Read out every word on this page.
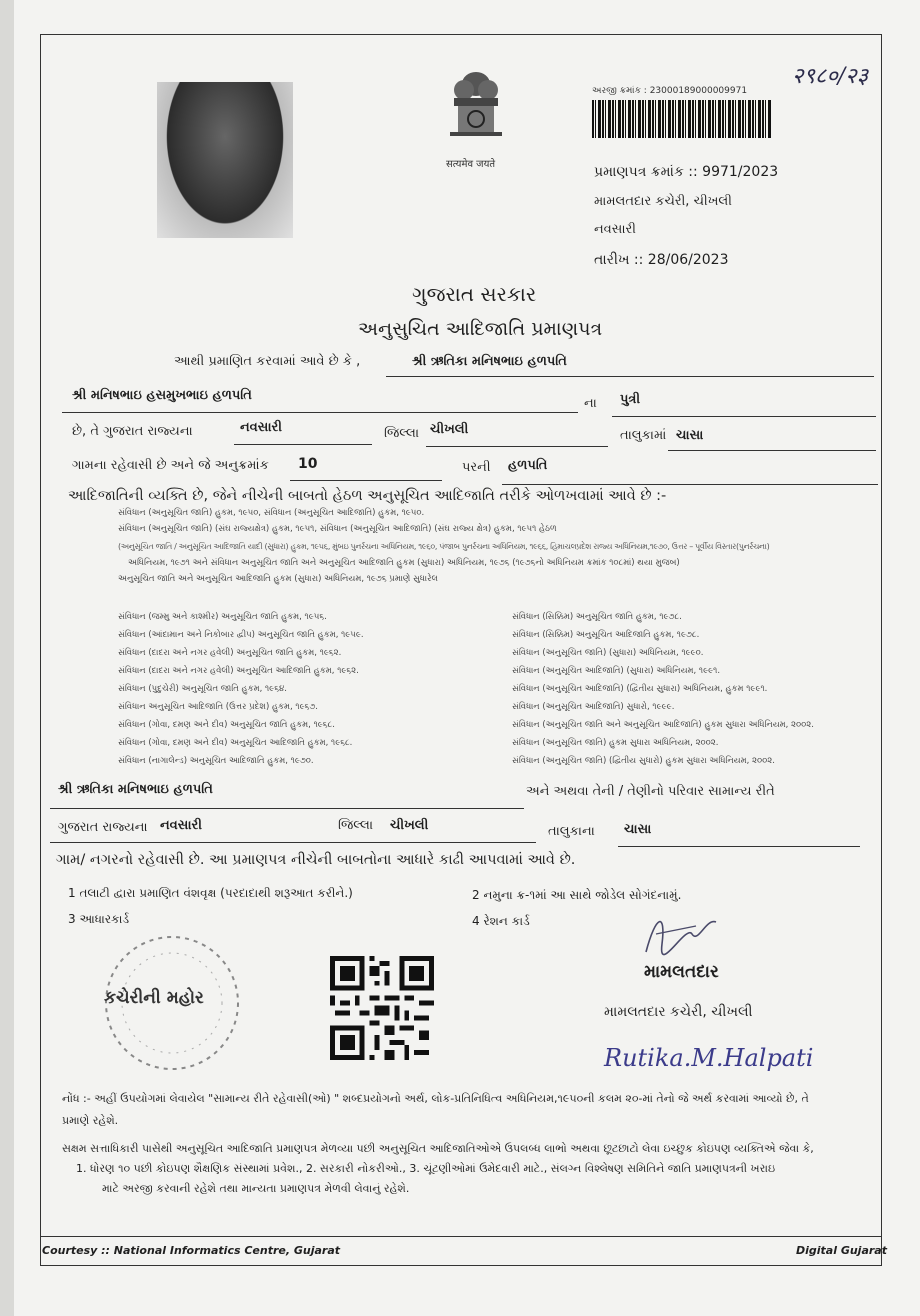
२९८०/२३
सत्यमेव जयते
અરજી ક્રમાંક : 23000189000009971
પ્રમાણપત્ર ક્રમાંક :: 9971/2023
મામલતદાર કચેરી, ચીખલી
નવસારી
તારીખ :: 28/06/2023
ગુજરાત સરકાર
અનુસુચિત આદિજાતિ પ્રમાણપત્ર
આથી પ્રમાણિત કરવામાં આવે છે કે ,	શ્રી ઋતિકા મનિષભાઇ હળપતિ
શ્રી મનિષભાઇ હસમુખભાઇ હળપતિ
ના પુત્રી
છે, તે ગુજરાત રાજ્યના	નવસારી	જિલ્લા ચીખલી	તાલુકામાં ચાસા
ગામના રહેવાસી છે અને જે અનુક્રમાંક 10	પરની હળપતિ
આદિજાતિની વ્યક્તિ છે, જેને નીચેની બાબતો હેઠળ અનુસૂચિત આદિજાતિ તરીકે ઓળખવામાં આવે છે :-
સંવિધાન (અનુસૂચિત જાતિ) હુકમ, ૧૯૫૦, સંવિધાન (અનુસૂચિત આદિજાતિ) હુકમ, ૧૯૫૦.
સંવિધાન (અનુસૂચિત જાતિ) (સંઘ રાજ્યક્ષેત્ર) હુકમ, ૧૯૫૧, સંવિધાન (અનુસૂચિત આદિજાતિ) (સંઘ રાજ્ય ક્ષેત્ર) હુકમ, ૧૯૫૧ હેઠળ
(અનુસૂચિત જાતિ / અનુસૂચિત આદિજાતિ યાદી (સુધારા) હુકમ, ૧૯૫૬, મુંબઇ પુનર્રચના અધિનિયમ, ૧૯૬૦, પંજાબ પુનર્રચના અધિનિયમ, ૧૯૬૬, હિમાચલપ્રદેશ રાજ્ય અધિનિયમ,૧૯૭૦, ઉત્તર – પૂર્વીય વિસ્તાર(પુનર્રચના)
અધિનિયમ, ૧૯૭૧ અને સંવિધાન અનુસૂચિત જાતિ અને અનુસૂચિત આદિજાતિ હુકમ (સુધારા) અધિનિયમ, ૧૯૭૬ (૧૯૭૬નો અધિનિયમ ક્રમાંક ૧૦૮માં) થયા મુજબ)
અનુસૂચિત જાતિ અને અનુસૂચિત આદિજાતિ હુકમ (સુધારા) અધિનિયમ, ૧૯૭૬ પ્રમાણે સુધારેલ
સંવિધાન (જમ્મુ અને કાશ્મીર) અનુસૂચિત જાતિ હુકમ, ૧૯૫૬.
સંવિધાન (આંદામાન અને નિકોબાર દ્વીપ) અનુસૂચિત જાતિ હુકમ, ૧૯૫૯.
સંવિધાન (દાદરા અને નગર હવેલી) અનુસૂચિત જાતિ હુકમ, ૧૯૬૨.
સંવિધાન (દાદરા અને નગર હવેલી) અનુસૂચિત આદિજાતિ હુકમ, ૧૯૬૨.
સંવિધાન (પુદુચેરી) અનુસૂચિત જાતિ હુકમ, ૧૯૬૪.
સંવિધાન અનુસૂચિત આદિજાતિ (ઉત્તર પ્રદેશ) હુકમ, ૧૯૬૭.
સંવિધાન (ગોવા, દમણ અને દીવ) અનુસૂચિત જાતિ હુકમ, ૧૯૬૮.
સંવિધાન (ગોવા, દમણ અને દીવ) અનુસૂચિત આદિજાતિ હુકમ, ૧૯૬૮.
સંવિધાન (નાગાલેન્ડ) અનુસૂચિત આદિજાતિ હુકમ, ૧૯૭૦.
સંવિધાન (સિક્કિમ) અનુસૂચિત જાતિ હુકમ, ૧૯૭૮.
સંવિધાન (સિક્કિમ) અનુસૂચિત આદિજાતિ હુકમ, ૧૯૭૮.
સંવિધાન (અનુસૂચિત જાતિ) (સુધારા) અધિનિયમ, ૧૯૯૦.
સંવિધાન (અનુસૂચિત આદિજાતિ) (સુધારા) અધિનિયમ, ૧૯૯૧.
સંવિધાન (અનુસૂચિત આદિજાતિ) (દ્વિતીય સુધારા) અધિનિયમ, હુકમ ૧૯૯૧.
સંવિધાન (અનુસૂચિત આદિજાતિ) સુધારો, ૧૯૯૯.
સંવિધાન (અનુસૂચિત જાતિ અને અનુસૂચિત આદિજાતિ) હુકમ સુધારા અધિનિયમ, ૨૦૦૨.
સંવિધાન (અનુસૂચિત જાતિ) હુકમ સુધારા અધિનિયમ, ૨૦૦૨.
સંવિધાન (અનુસૂચિત જાતિ) (દ્વિતીય સુધારો) હુકમ સુધારા અધિનિયમ, ૨૦૦૨.
શ્રી ઋતિકા મનિષભાઇ હળપતિ	અને અથવા તેની / તેણીનો પરિવાર સામાન્ય રીતે
ગુજરાત રાજ્યના નવસારી	જિલ્લા ચીખલી	તાલુકાના ચાસા
ગામ/ નગરનો રહેવાસી છે. આ પ્રમાણપત્ર નીચેની બાબતોના આધારે કાઢી આપવામાં આવે છે.
1 તલાટી દ્વારા પ્રમાણિત વંશવૃક્ષ (પરદાદાથી શરૂઆત કરીને.)	2 નમુના ક્ર-૧માં આ સાથે જોડેલ સોગંદનામું.
3 આધારકાર્ડ	4 રેશન કાર્ડ
કચેરીની મહોર
મામલતદાર
મામલતદાર કચેરી, ચીખલી
Rutika.M.Halpati
નોંધ :- અહીં ઉપયોગમાં લેવાયેલ "સામાન્ય રીતે રહેવાસી(ઓ) " શબ્દપ્રયોગનો અર્થ, લોક-પ્રતિનિધિત્વ અધિનિયમ,૧૯૫૦ની કલમ ૨૦-માં તેનો જે અર્થ કરવામાં આવ્યો છે, તે
પ્રમાણે રહેશે.
સક્ષમ સત્તાધિકારી પાસેથી અનુસૂચિત આદિજાતિ પ્રમાણપત્ર મેળવ્યા પછી અનુસૂચિત આદિજાતિઓએ ઉપલબ્ધ લાભો અથવા છૂટછાટો લેવા ઇચ્છુક કોઇપણ વ્યક્તિએ જેવા કે,
1. ધોરણ ૧૦ પછી કોઇપણ શૈક્ષણિક સંસ્થામાં પ્રવેશ., 2. સરકારી નોકરીઓ., 3. ચૂંટણીઓમાં ઉમેદવારી માટે., સંલગ્ન વિશ્લેષણ સમિતિને જાતિ પ્રમાણપત્રની ખરાઇ
માટે અરજી કરવાની રહેશે તથા માન્યતા પ્રમાણપત્ર મેળવી લેવાનું રહેશે.
Courtesy :: National Informatics Centre, Gujarat	Digital Gujarat
